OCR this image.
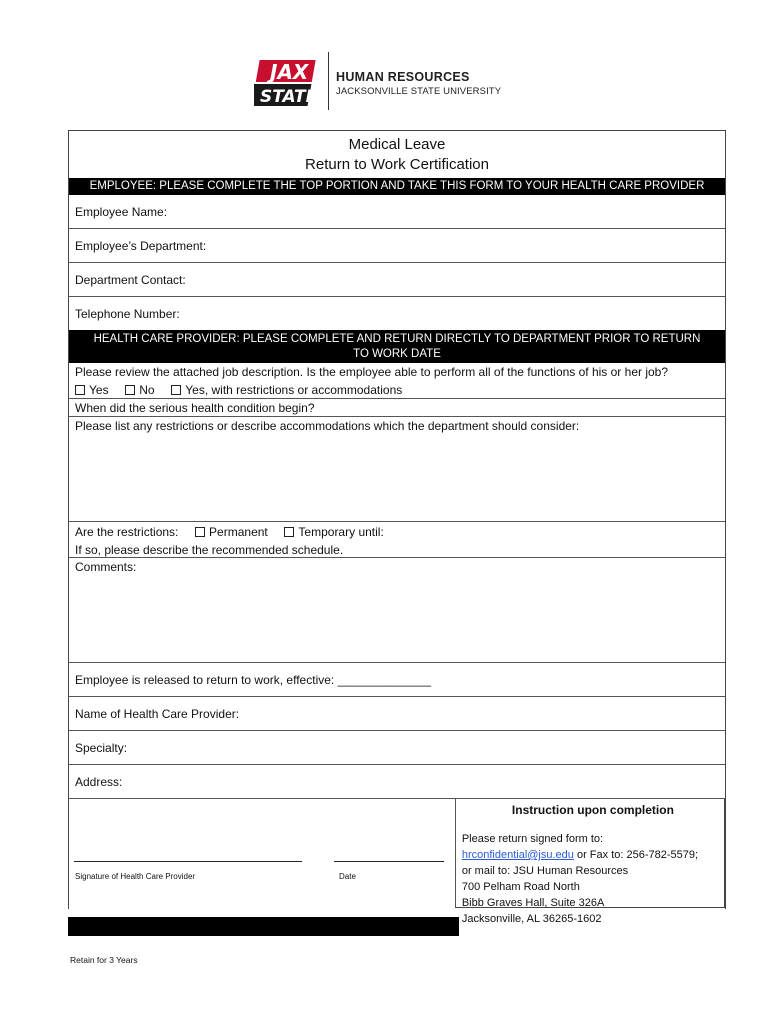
JAX
STATE
HUMAN RESOURCES
JACKSONVILLE STATE UNIVERSITY
Medical Leave
Return to Work Certification
EMPLOYEE: PLEASE COMPLETE THE TOP PORTION AND TAKE THIS FORM TO YOUR HEALTH CARE PROVIDER
Employee Name:
Employee’s Department:
Department Contact:
Telephone Number:
HEALTH CARE PROVIDER: PLEASE COMPLETE AND RETURN DIRECTLY TO DEPARTMENT PRIOR TO RETURN TO WORK DATE
Please review the attached job description. Is the employee able to perform all of the functions of his or her job?
Yes	No	Yes, with restrictions or accommodations
When did the serious health condition begin?
Please list any restrictions or describe accommodations which the department should consider:
Are the restrictions:	Permanent	Temporary until:
If so, please describe the recommended schedule.
Comments:
Employee is released to return to work, effective: ______________
Name of Health Care Provider:
Specialty:
Address:
Signature of Health Care Provider	Date
Instruction upon completion
Please return signed form to:
hrconfidential@jsu.edu or Fax to: 256-782-5579;
or mail to: JSU Human Resources
700 Pelham Road North
Bibb Graves Hall, Suite 326A
Jacksonville, AL 36265-1602
Retain for 3 Years
